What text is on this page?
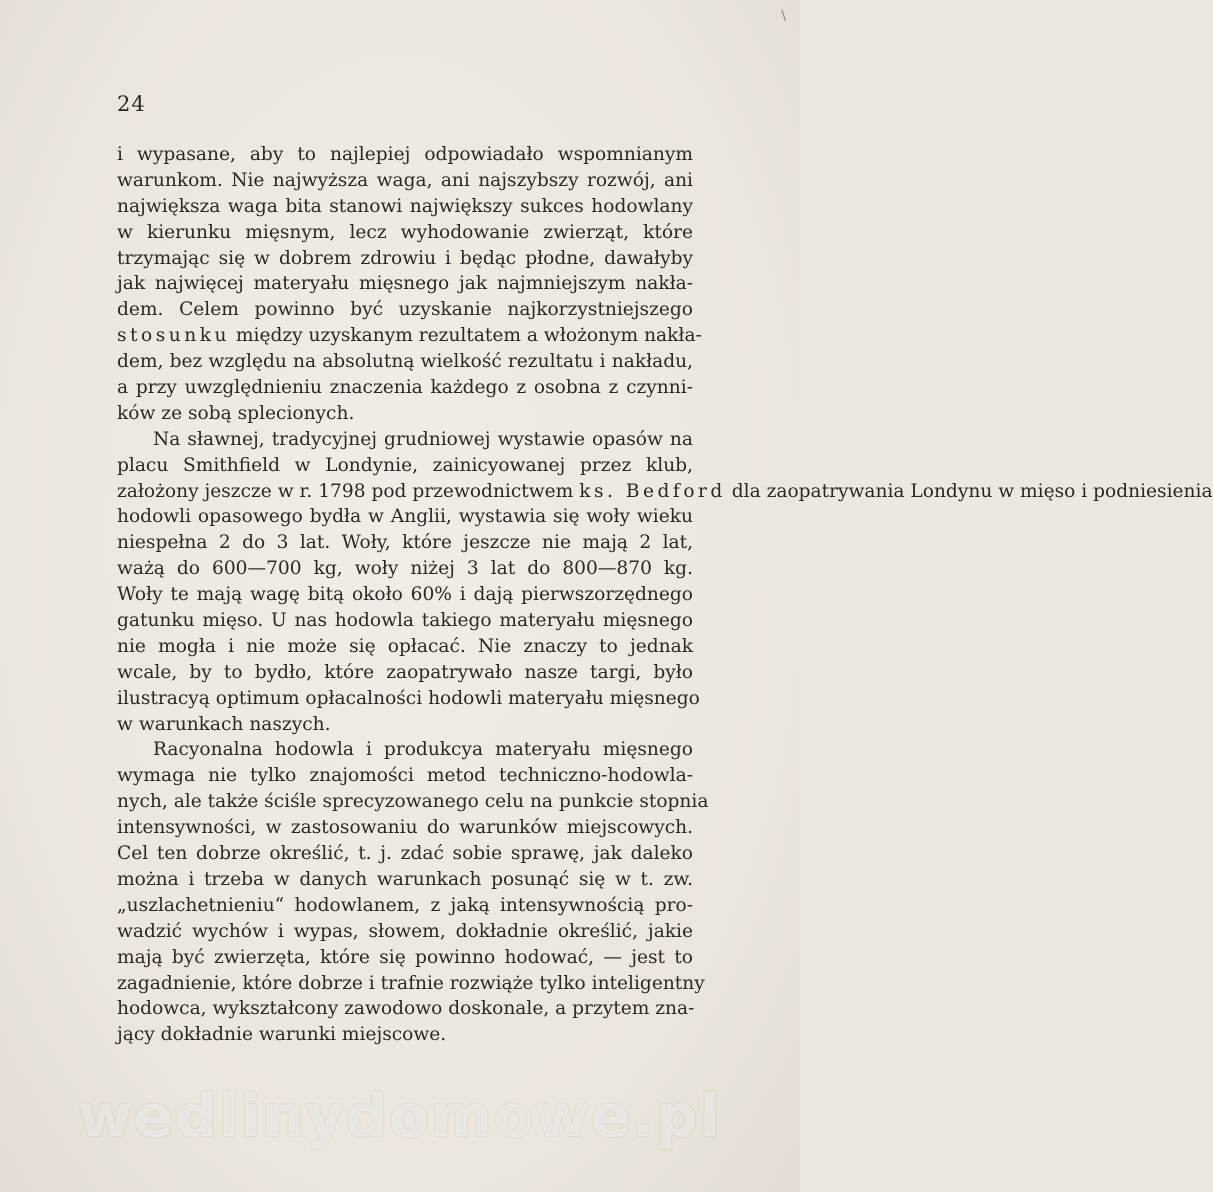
\
24
i wypasane, aby to najlepiej odpowiadało wspomnianym
warunkom. Nie najwyższa waga, ani najszybszy rozwój, ani
największa waga bita stanowi największy sukces hodowlany
w kierunku mięsnym, lecz wyhodowanie zwierząt, które
trzymając się w dobrem zdrowiu i będąc płodne, dawałyby
jak najwięcej materyału mięsnego jak najmniejszym nakła-
dem. Celem powinno być uzyskanie najkorzystniejszego
stosunku między uzyskanym rezultatem a włożonym nakła-
dem, bez względu na absolutną wielkość rezultatu i nakładu,
a przy uwzględnieniu znaczenia każdego z osobna z czynni-
ków ze sobą splecionych.
Na sławnej, tradycyjnej grudniowej wystawie opasów na
placu Smithfield w Londynie, zainicyowanej przez klub,
założony jeszcze w r. 1798 pod przewodnictwem ks. Bedford dla zaopatrywania Londynu w mięso i podniesienia
hodowli opasowego bydła w Anglii, wystawia się woły wieku
niespełna 2 do 3 lat. Woły, które jeszcze nie mają 2 lat,
ważą do 600—700 kg, woły niżej 3 lat do 800—870 kg.
Woły te mają wagę bitą około 60% i dają pierwszorzędnego
gatunku mięso. U nas hodowla takiego materyału mięsnego
nie mogła i nie może się opłacać. Nie znaczy to jednak
wcale, by to bydło, które zaopatrywało nasze targi, było
ilustracyą optimum opłacalności hodowli materyału mięsnego
w warunkach naszych.
Racyonalna hodowla i produkcya materyału mięsnego
wymaga nie tylko znajomości metod techniczno-hodowla-
nych, ale także ściśle sprecyzowanego celu na punkcie stopnia
intensywności, w zastosowaniu do warunków miejscowych.
Cel ten dobrze określić, t. j. zdać sobie sprawę, jak daleko
można i trzeba w danych warunkach posunąć się w t. zw.
„uszlachetnieniu“ hodowlanem, z jaką intensywnością pro-
wadzić wychów i wypas, słowem, dokładnie określić, jakie
mają być zwierzęta, które się powinno hodować, — jest to
zagadnienie, które dobrze i trafnie rozwiąże tylko inteligentny
hodowca, wykształcony zawodowo doskonale, a przytem zna-
jący dokładnie warunki miejscowe.
wedlinydomowe.pl
